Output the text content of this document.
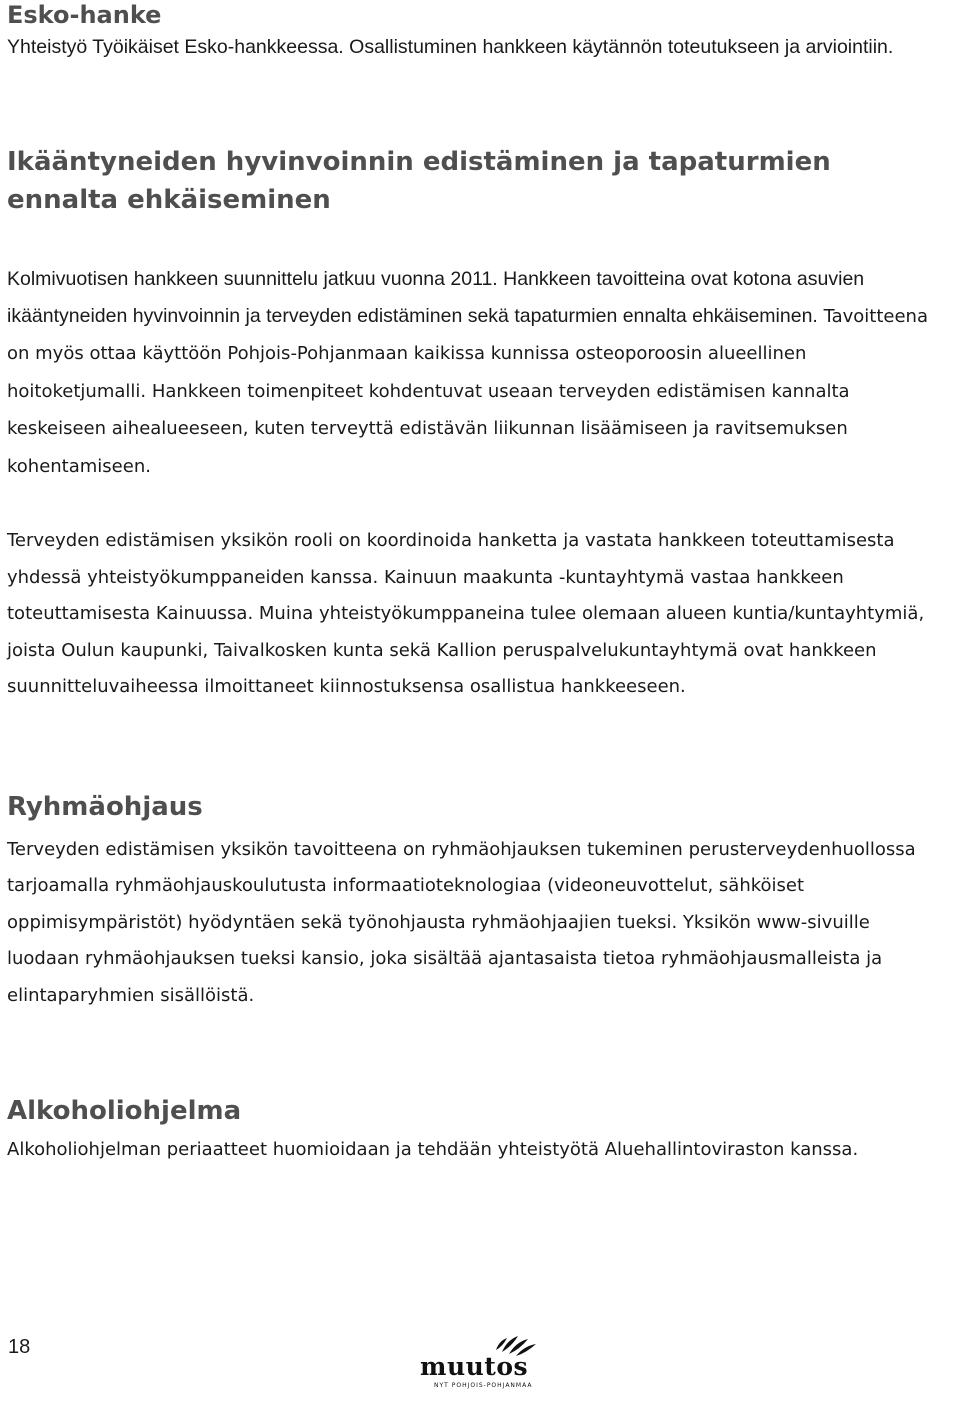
Esko-hanke

Yhteistyö Työikäiset Esko-hankkeessa. Osallistuminen hankkeen käytännön toteutukseen ja arviointiin.

Ikääntyneiden hyvinvoinnin edistäminen ja tapaturmien ennalta ehkäiseminen

Kolmivuotisen hankkeen suunnittelu jatkuu vuonna 2011. Hankkeen tavoitteina ovat kotona asuvien ikääntyneiden hyvinvoinnin ja terveyden edistäminen sekä tapaturmien ennalta ehkäiseminen. Tavoitteena on myös ottaa käyttöön Pohjois-Pohjanmaan kaikissa kunnissa osteoporoosin alueellinen hoitoketjumalli. Hankkeen toimenpiteet kohdentuvat useaan terveyden edistämisen kannalta keskeiseen aihealueeseen, kuten terveyttä edistävän liikunnan lisäämiseen ja ravitsemuksen kohentamiseen.

Terveyden edistämisen yksikön rooli on koordinoida hanketta ja vastata hankkeen toteuttamisesta yhdessä yhteistyökumppaneiden kanssa. Kainuun maakunta -kuntayhtymä vastaa hankkeen toteuttamisesta Kainuussa. Muina yhteistyökumppaneina tulee olemaan alueen kuntia/kuntayhtymiä, joista Oulun kaupunki, Taivalkosken kunta sekä Kallion peruspalvelukuntayhtymä ovat hankkeen suunnitteluvaiheessa ilmoittaneet kiinnostuksensa osallistua hankkeeseen.

Ryhmäohjaus

Terveyden edistämisen yksikön tavoitteena on ryhmäohjauksen tukeminen perusterveydenhuollossa tarjoamalla ryhmäohjauskoulutusta informaatioteknologiaa (videoneuvottelut, sähköiset oppimisympäristöt) hyödyntäen sekä työnohjausta ryhmäohjaajien tueksi. Yksikön www-sivuille luodaan ryhmäohjauksen tueksi kansio, joka sisältää ajantasaista tietoa ryhmäohjausmalleista ja elintaparyhmien sisällöistä.

Alkoholiohjelma

Alkoholiohjelman periaatteet huomioidaan ja tehdään yhteistyötä Aluehallintoviraston kanssa.

18
muutos
NYT POHJOIS-POHJANMAA
